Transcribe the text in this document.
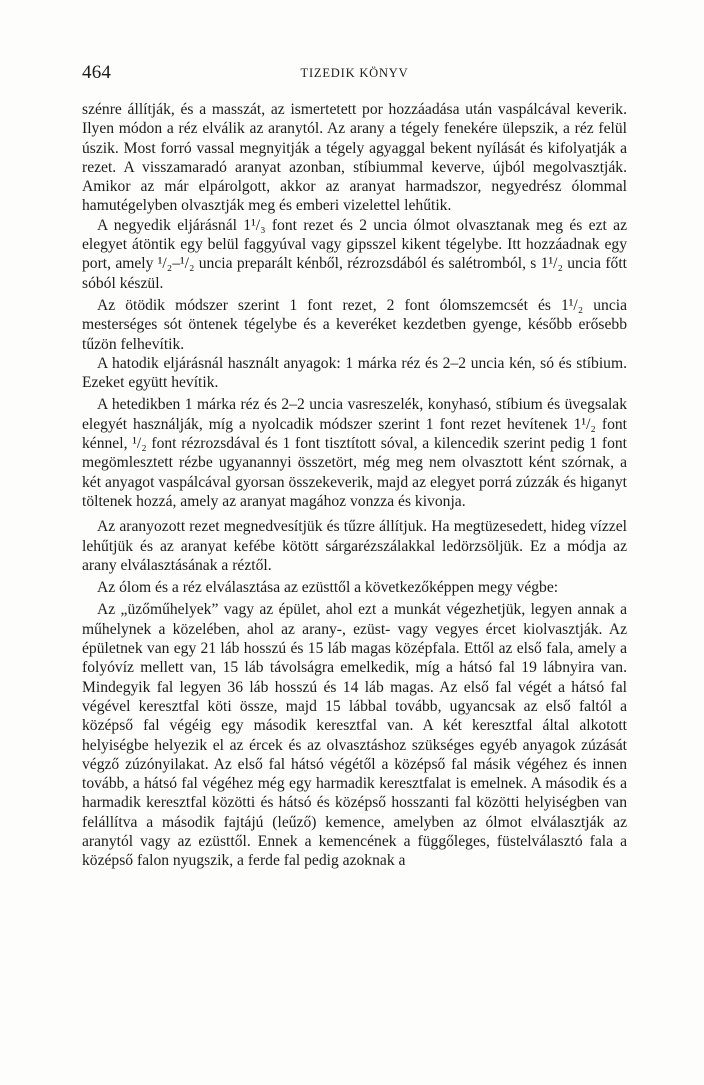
464	TIZEDIK KÖNYV

szénre állítják, és a masszát, az ismertetett por hozzáadása után vaspálcával keverik. Ilyen módon a réz elválik az aranytól. Az arany a tégely fenekére ülepszik, a réz felül úszik. Most forró vassal megnyitják a tégely agyaggal bekent nyílását és kifolyatják a rezet. A visszamaradó aranyat azonban, stíbiummal keverve, újból megolvasztják. Amikor az már elpárolgott, akkor az aranyat harmadszor, negyedrész ólommal hamutégelyben olvasztják meg és emberi vizelettel lehűtik.

A negyedik eljárásnál 1¹/₃ font rezet és 2 uncia ólmot olvasztanak meg és ezt az elegyet átöntik egy belül faggyúval vagy gipsszel kikent tégelybe. Itt hozzáadnak egy port, amely ¹/₂–¹/₂ uncia preparált kénből, rézrozsdából és salétromból, s 1¹/₂ uncia főtt sóból készül.

Az ötödik módszer szerint 1 font rezet, 2 font ólomszemcsét és 1¹/₂ uncia mesterséges sót öntenek tégelybe és a keveréket kezdetben gyenge, később erősebb tűzön felhevítik.

A hatodik eljárásnál használt anyagok: 1 márka réz és 2–2 uncia kén, só és stíbium. Ezeket együtt hevítik.

A hetedikben 1 márka réz és 2–2 uncia vasreszelék, konyhasó, stíbium és üvegsalak elegyét használják, míg a nyolcadik módszer szerint 1 font rezet hevítenek 1¹/₂ font kénnel, ¹/₂ font rézrozsdával és 1 font tisztított sóval, a kilencedik szerint pedig 1 font megömlesztett rézbe ugyanannyi összetört, még meg nem olvasztott ként szórnak, a két anyagot vaspálcával gyorsan összekeverik, majd az elegyet porrá zúzzák és higanyt töltenek hozzá, amely az aranyat magához vonzza és kivonja.

Az aranyozott rezet megnedvesítjük és tűzre állítjuk. Ha megtüzesedett, hideg vízzel lehűtjük és az aranyat kefébe kötött sárgarézszálakkal ledörzsöljük. Ez a módja az arany elválasztásának a réztől.

Az ólom és a réz elválasztása az ezüsttől a következőképpen megy végbe:

Az „üzőműhelyek” vagy az épület, ahol ezt a munkát végezhetjük, legyen annak a műhelynek a közelében, ahol az arany-, ezüst- vagy vegyes ércet kiolvasztják. Az épületnek van egy 21 láb hosszú és 15 láb magas középfala. Ettől az első fala, amely a folyóvíz mellett van, 15 láb távolságra emelkedik, míg a hátsó fal 19 lábnyira van. Mindegyik fal legyen 36 láb hosszú és 14 láb magas. Az első fal végét a hátsó fal végével keresztfal köti össze, majd 15 lábbal tovább, ugyancsak az első faltól a középső fal végéig egy második keresztfal van. A két keresztfal által alkotott helyiségbe helyezik el az ércek és az olvasztáshoz szükséges egyéb anyagok zúzását végző zúzónyilakat. Az első fal hátsó végétől a középső fal másik végéhez és innen tovább, a hátsó fal végéhez még egy harmadik keresztfalat is emelnek. A második és a harmadik keresztfal közötti és hátsó és középső hosszanti fal közötti helyiségben van felállítva a második fajtájú (leűző) kemence, amelyben az ólmot elválasztják az aranytól vagy az ezüsttől. Ennek a kemencének a függőleges, füstelválasztó fala a középső falon nyugszik, a ferde fal pedig azoknak a
